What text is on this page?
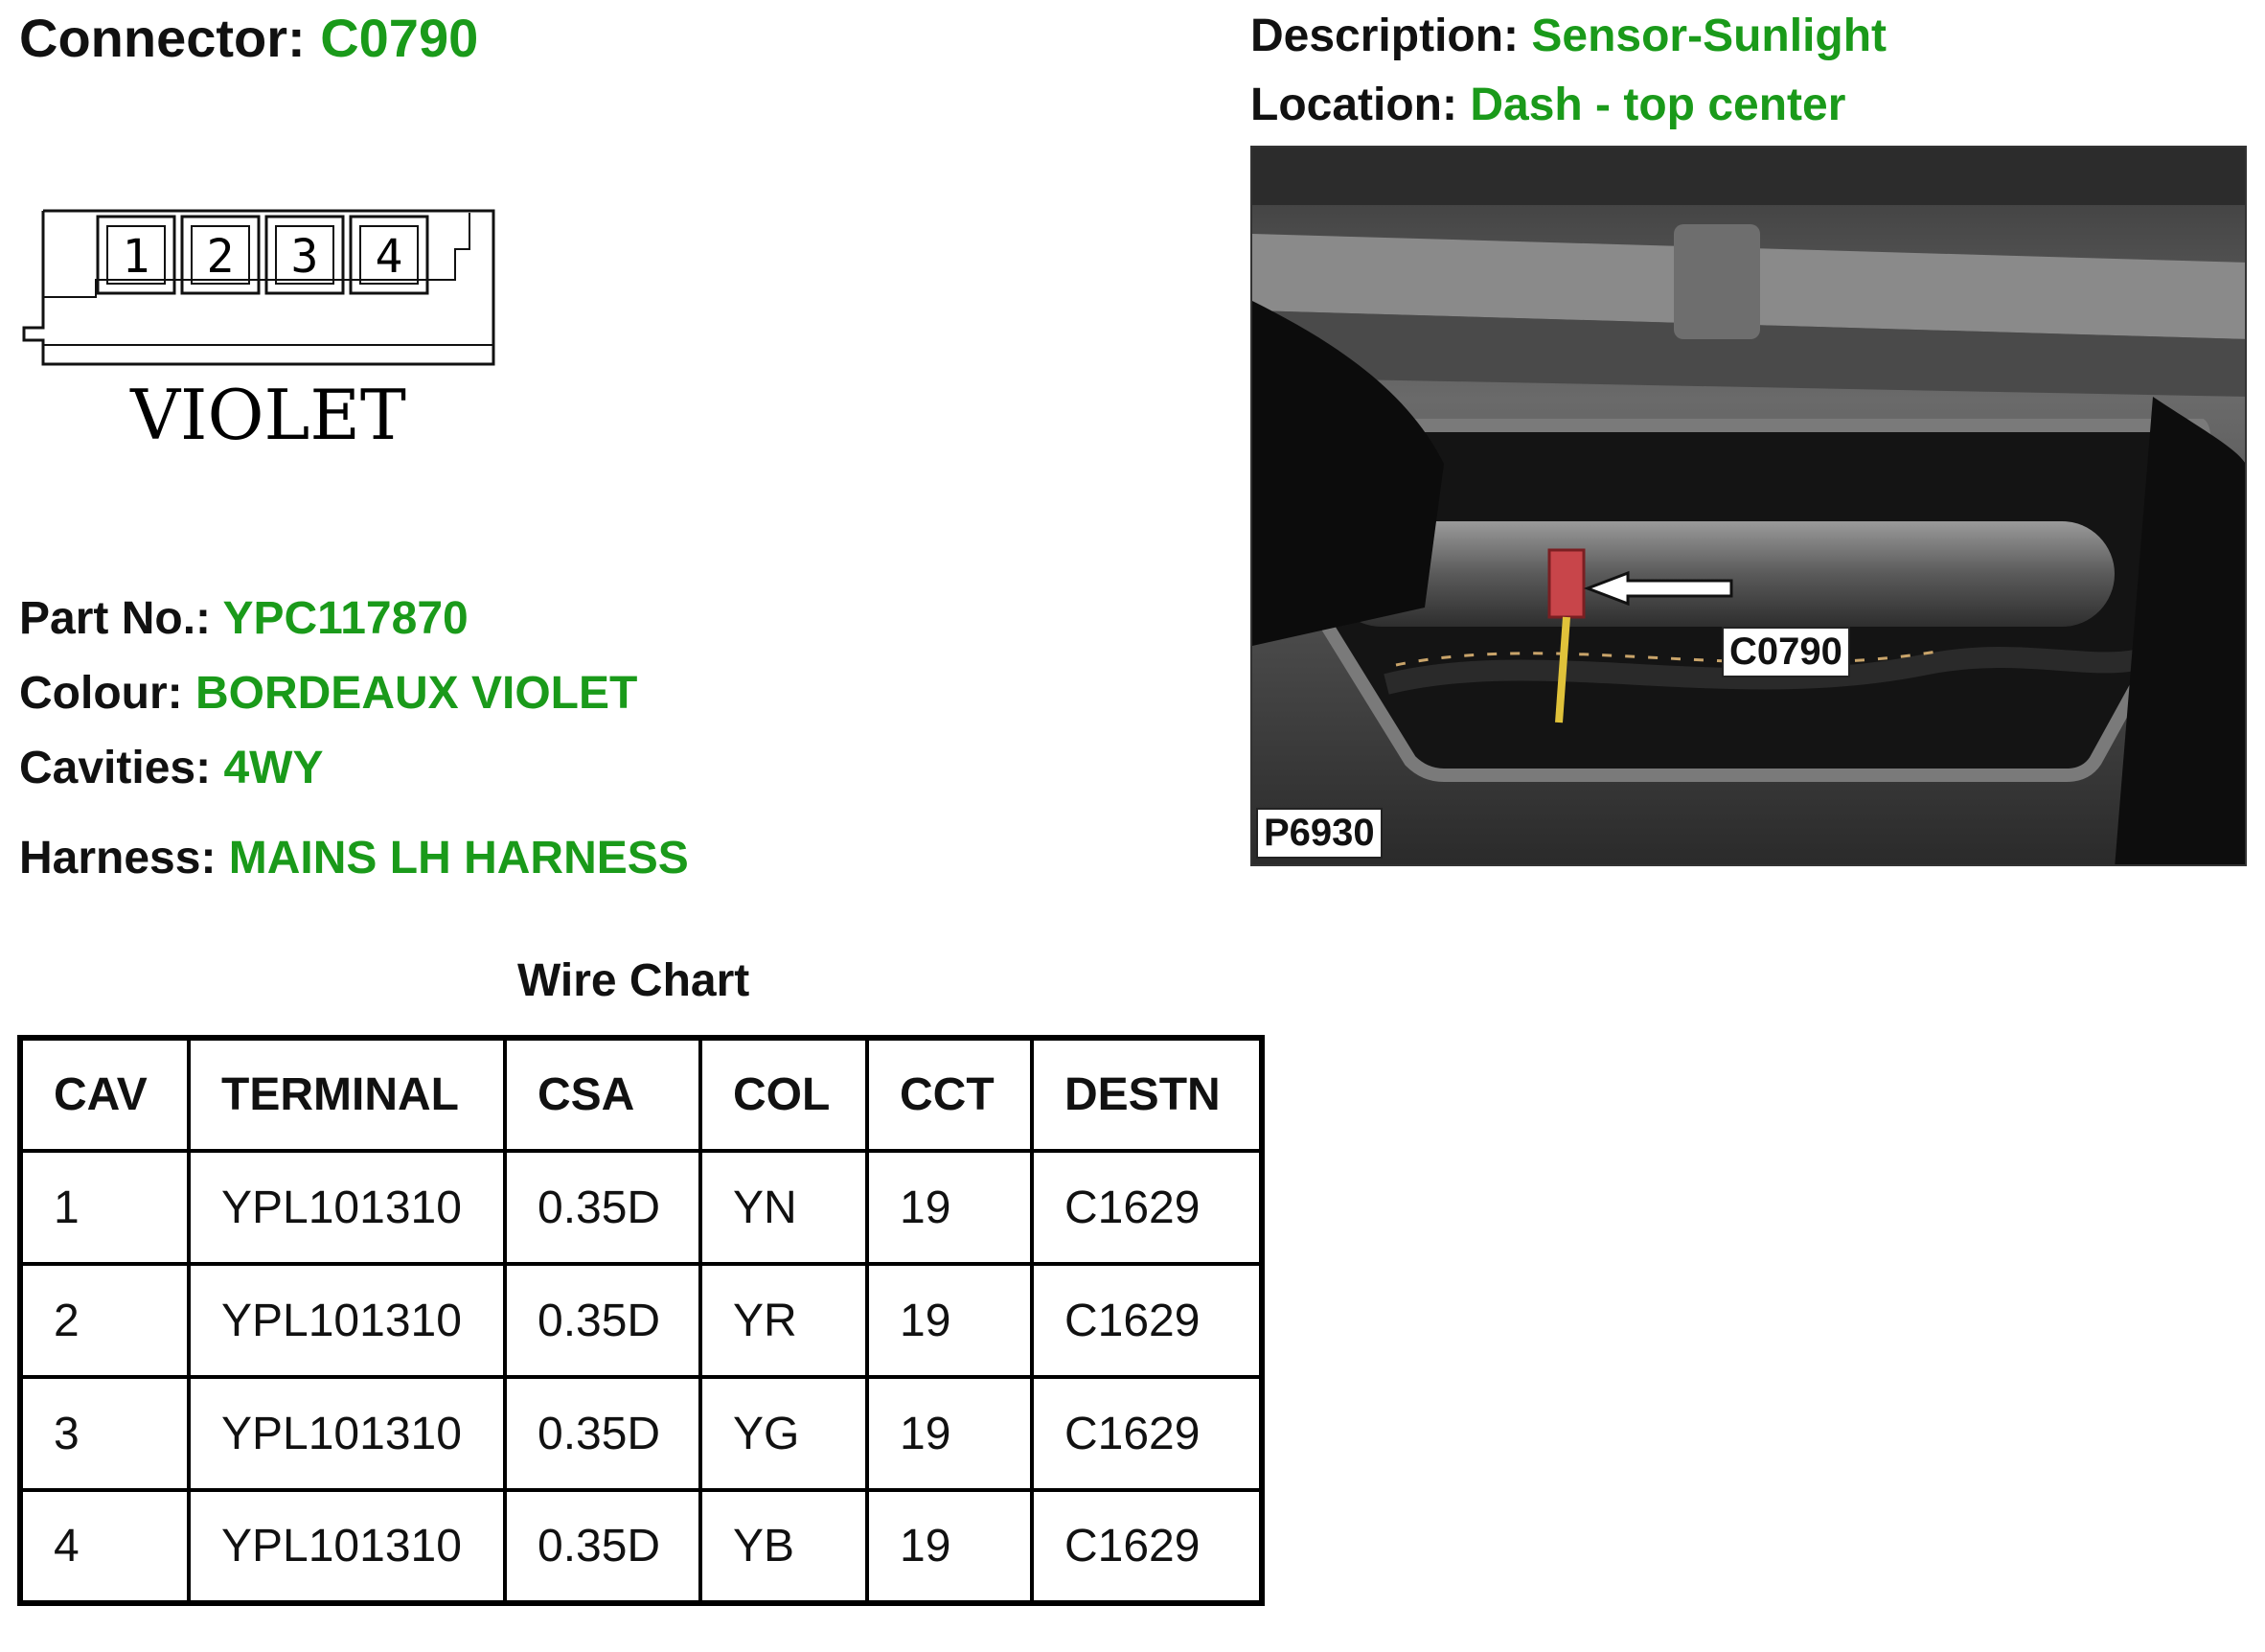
Connector: C0790	Description: Sensor-Sunlight
Location: Dash - top center
1 2 3 4
VIOLET
Part No.: YPC117870
Colour: BORDEAUX VIOLET
Cavities: 4WY
Harness: MAINS LH HARNESS
C0790
P6930
Wire Chart
CAV	TERMINAL	CSA	COL	CCT	DESTN
1	YPL101310	0.35D	YN	19	C1629
2	YPL101310	0.35D	YR	19	C1629
3	YPL101310	0.35D	YG	19	C1629
4	YPL101310	0.35D	YB	19	C1629
